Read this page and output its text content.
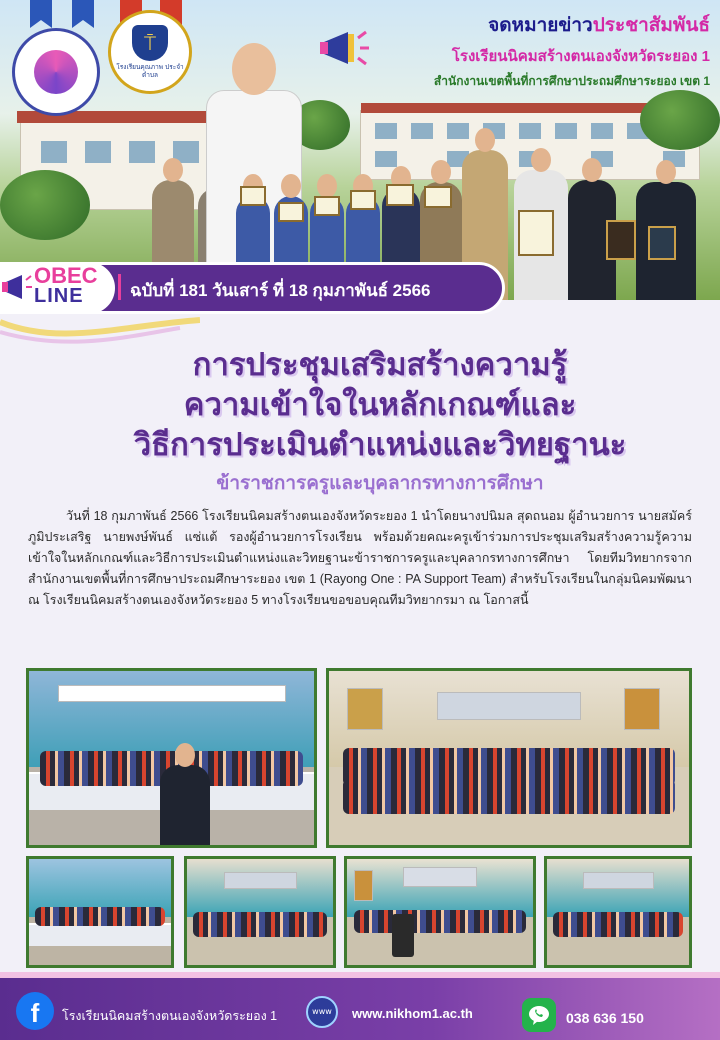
⍑
โรงเรียนคุณภาพ ประจำตำบล
จดหมายข่าวประชาสัมพันธ์
โรงเรียนนิคมสร้างตนเองจังหวัดระยอง 1
สำนักงานเขตพื้นที่การศึกษาประถมศึกษาระยอง เขต 1
OBEC
LINE	ฉบับที่ 181 วันเสาร์ ที่ 18 กุมภาพันธ์ 2566
การประชุมเสริมสร้างความรู้
ความเข้าใจในหลักเกณฑ์และ
วิธีการประเมินตำแหน่งและวิทยฐานะ
ข้าราชการครูและบุคลากรทางการศึกษา
วันที่ 18 กุมภาพันธ์ 2566 โรงเรียนนิคมสร้างตนเองจังหวัดระยอง 1 นำโดยนางปนิมล สุดถนอม ผู้อำนวยการ นายสมัคร์ ภูมิประเสริฐ นายพงษ์พันธ์ แซ่แต้ รองผู้อำนวยการโรงเรียน พร้อมด้วยคณะครูเข้าร่วมการประชุมเสริมสร้างความรู้ความเข้าใจในหลักเกณฑ์และวิธีการประเมินตำแหน่งและวิทยฐานะข้าราชการครูและบุคลากรทางการศึกษา โดยทีมวิทยากรจากสำนักงานเขตพื้นที่การศึกษาประถมศึกษาระยอง เขต 1 (Rayong One : PA Support Team) สำหรับโรงเรียนในกลุ่มนิคมพัฒนา ณ โรงเรียนนิคมสร้างตนเองจังหวัดระยอง 5 ทางโรงเรียนขอขอบคุณทีมวิทยากรมา ณ โอกาสนี้
f	โรงเรียนนิคมสร้างตนเองจังหวัดระยอง 1	www	www.nikhom1.ac.th	038 636 150
